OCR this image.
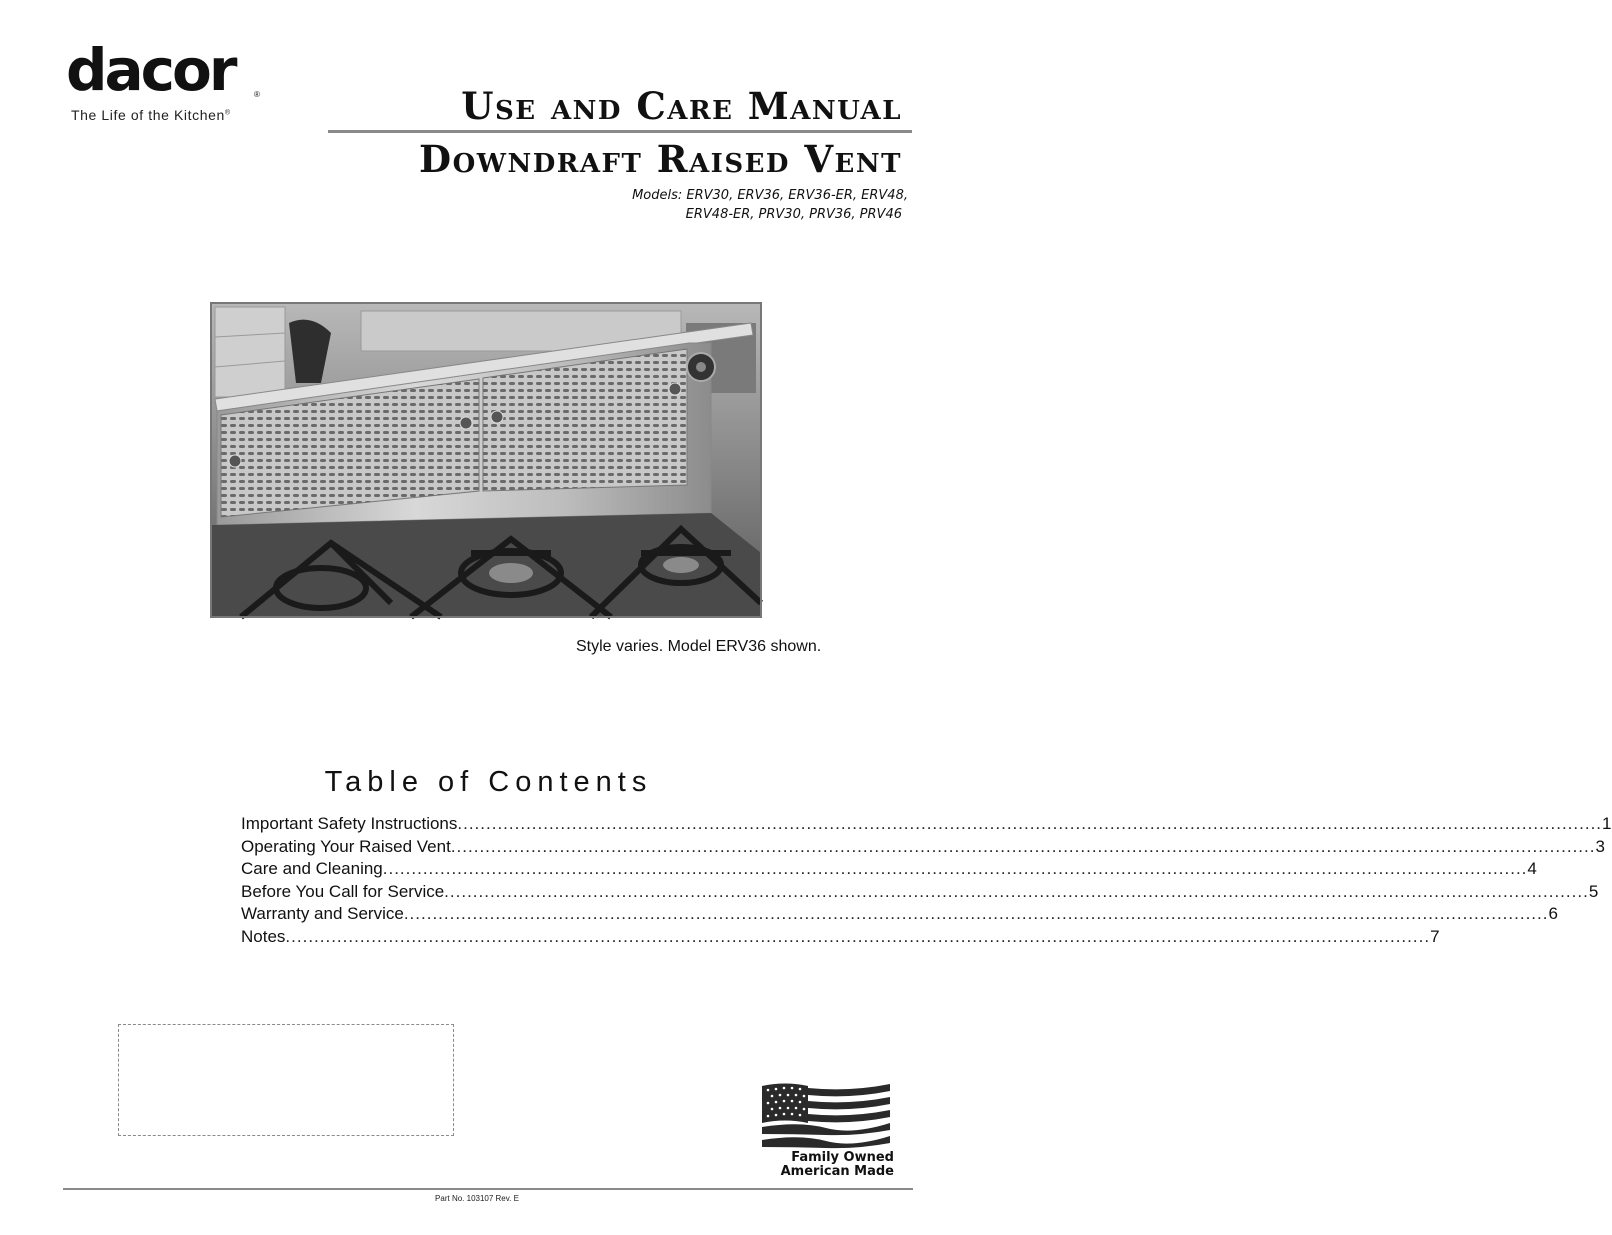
dacor ®
The Life of the Kitchen®	Use and Care Manual
Downdraft Raised Vent
Models: ERV30, ERV36, ERV36-ER, ERV48,
ERV48-ER, PRV30, PRV36, PRV46
Style varies. Model ERV36 shown.
Table of Contents
Important Safety Instructions ........................................................................................................................................................................................................ 1
Operating Your Raised Vent ........................................................................................................................................................................................................ 3
Care and Cleaning ........................................................................................................................................................................................................ 4
Before You Call for Service ........................................................................................................................................................................................................ 5
Warranty and Service ........................................................................................................................................................................................................ 6
Notes ........................................................................................................................................................................................................ 7
Family Owned
American Made
Part No. 103107 Rev. E
